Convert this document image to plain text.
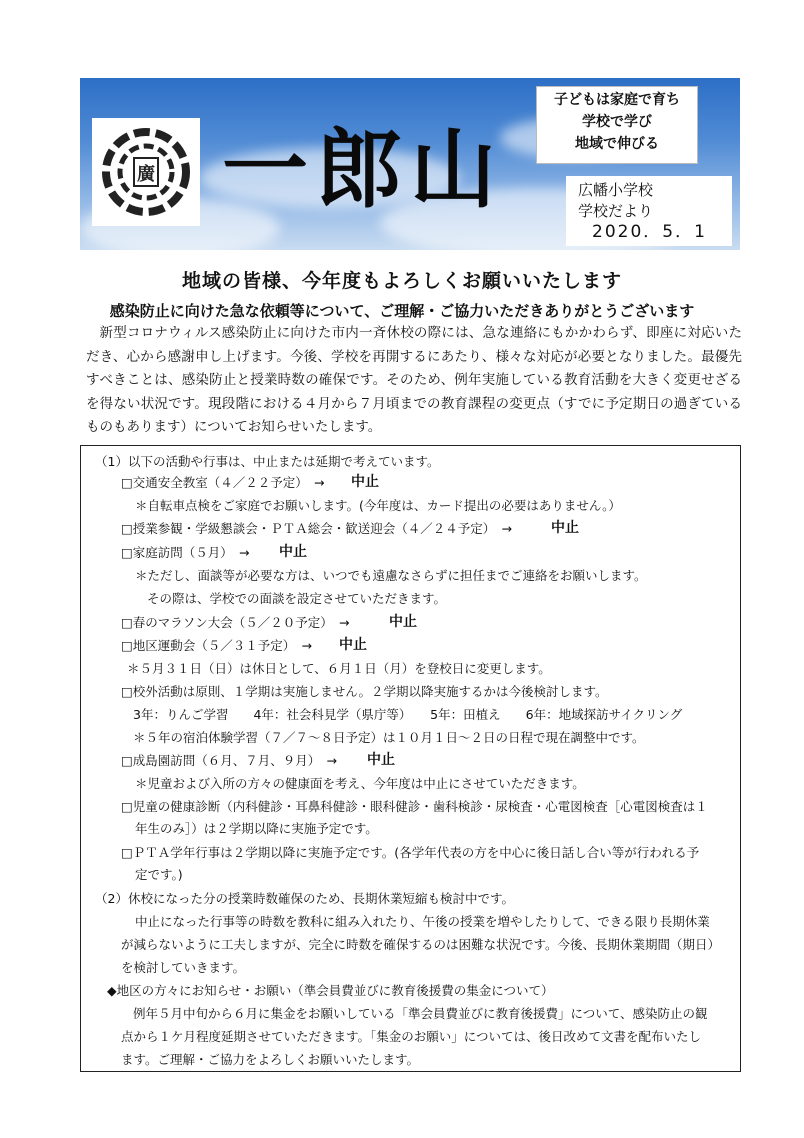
廣 一郎山
子どもは家庭で育ち
学校で学び
地域で伸びる
広幡小学校
学校だより
2020．5．1
地域の皆様、今年度もよろしくお願いいたします
感染防止に向けた急な依頼等について、ご理解・ご協力いただきありがとうございます
新型コロナウィルス感染防止に向けた市内一斉休校の際には、急な連絡にもかかわらず、即座に対応いただき、心から感謝申し上げます。今後、学校を再開するにあたり、様々な対応が必要となりました。最優先すべきことは、感染防止と授業時数の確保です。そのため、例年実施している教育活動を大きく変更せざるを得ない状況です。現段階における４月から７月頃までの教育課程の変更点（すでに予定期日の過ぎているものもあります）についてお知らせいたします。
（1）以下の活動や行事は、中止または延期で考えています。
□交通安全教室（４／２２予定）　→ 中止
＊自転車点検をご家庭でお願いします。(今年度は、カード提出の必要はありません。）
□授業参観・学級懇談会・ＰＴＡ総会・歓送迎会（４／２４予定）　→	中止
□家庭訪問（５月）　→ 中止
＊ただし、面談等が必要な方は、いつでも遠慮なさらずに担任までご連絡をお願いします。
その際は、学校での面談を設定させていただきます。
□春のマラソン大会（５／２０予定）　→	中止
□地区運動会（５／３１予定）　→ 中止
＊５月３１日（日）は休日として、６月１日（月）を登校日に変更します。
□校外活動は原則、１学期は実施しません。２学期以降実施するかは今後検討します。
3年：りんご学習　　4年：社会科見学（県庁等）　　5年：田植え　　6年：地域探訪サイクリング
＊５年の宿泊体験学習（７／７～８日予定）は１０月１日～２日の日程で現在調整中です。
□成島園訪問（６月、７月、９月）　→ 中止
＊児童および入所の方々の健康面を考え、今年度は中止にさせていただきます。
□児童の健康診断（内科健診・耳鼻科健診・眼科健診・歯科検診・尿検査・心電図検査［心電図検査は１
年生のみ］）は２学期以降に実施予定です。
□ＰＴＡ学年行事は２学期以降に実施予定です。(各学年代表の方を中心に後日話し合い等が行われる予
定です。)
（2）休校になった分の授業時数確保のため、長期休業短縮も検討中です。
中止になった行事等の時数を教科に組み入れたり、午後の授業を増やしたりして、できる限り長期休業
が減らないように工夫しますが、完全に時数を確保するのは困難な状況です。今後、長期休業期間（期日）
を検討していきます。
◆地区の方々にお知らせ・お願い（準会員費並びに教育後援費の集金について）
例年５月中旬から６月に集金をお願いしている「準会員費並びに教育後援費」について、感染防止の観
点から１ケ月程度延期させていただきます。「集金のお願い」については、後日改めて文書を配布いたし
ます。ご理解・ご協力をよろしくお願いいたします。
